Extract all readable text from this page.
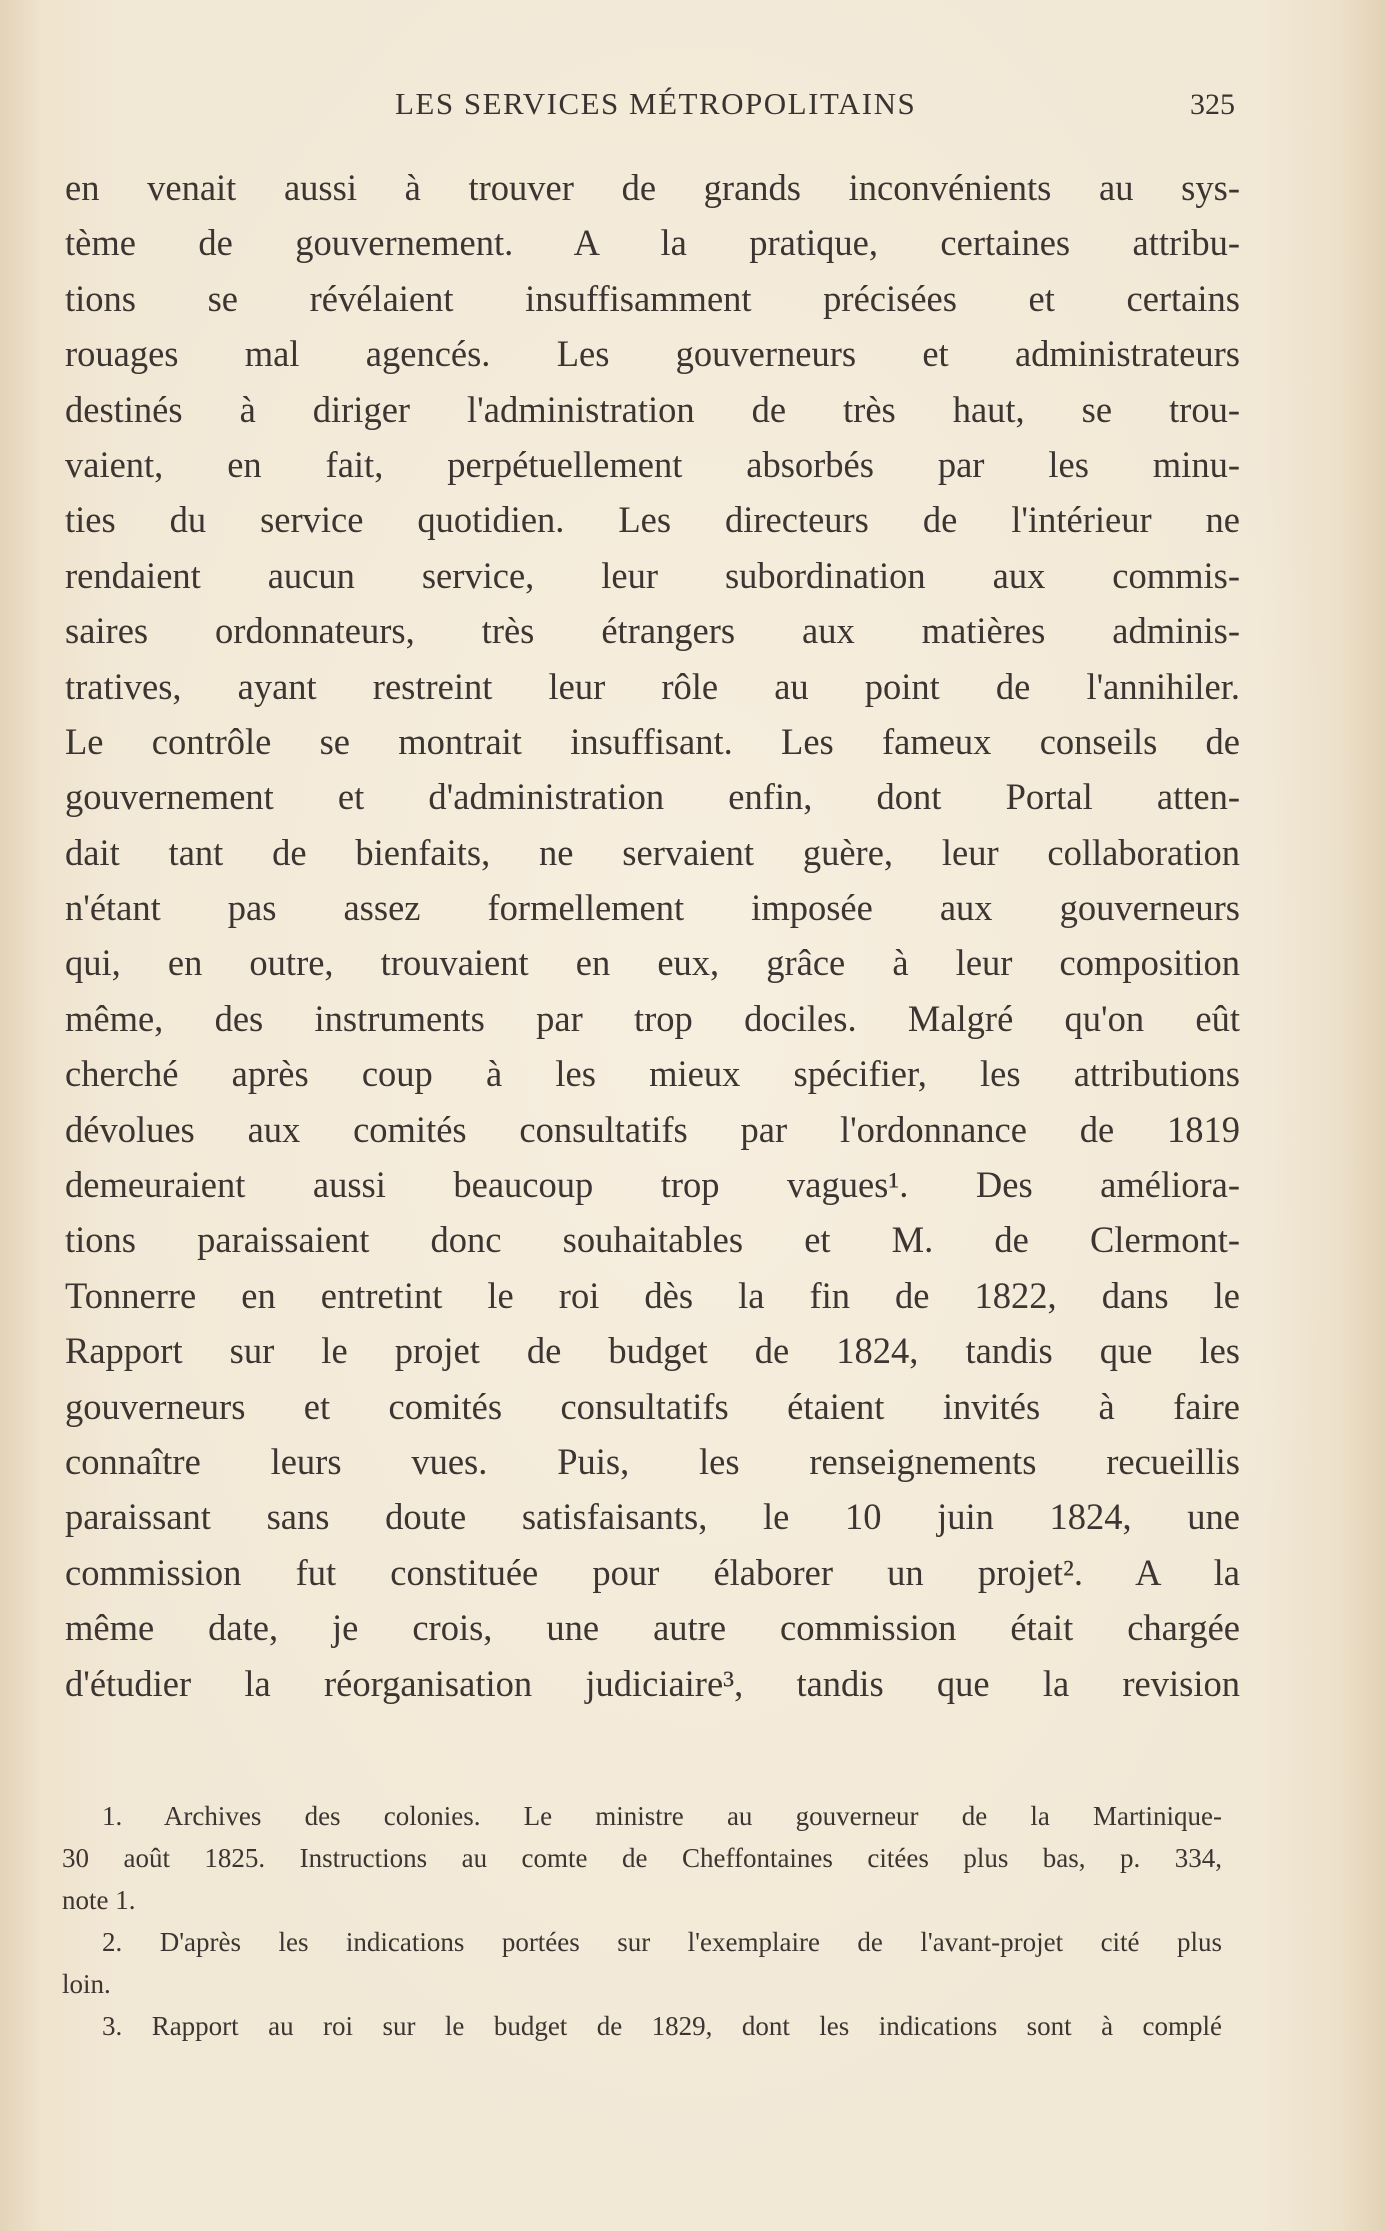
LES SERVICES MÉTROPOLITAINS	325
en venait aussi à trouver de grands inconvénients au sys-
tème de gouvernement. A la pratique, certaines attribu-
tions se révélaient insuffisamment précisées et certains
rouages mal agencés. Les gouverneurs et administrateurs
destinés à diriger l'administration de très haut, se trou-
vaient, en fait, perpétuellement absorbés par les minu-
ties du service quotidien. Les directeurs de l'intérieur ne
rendaient aucun service, leur subordination aux commis-
saires ordonnateurs, très étrangers aux matières adminis-
tratives, ayant restreint leur rôle au point de l'annihiler.
Le contrôle se montrait insuffisant. Les fameux conseils de
gouvernement et d'administration enfin, dont Portal atten-
dait tant de bienfaits, ne servaient guère, leur collaboration
n'étant pas assez formellement imposée aux gouverneurs
qui, en outre, trouvaient en eux, grâce à leur composition
même, des instruments par trop dociles. Malgré qu'on eût
cherché après coup à les mieux spécifier, les attributions
dévolues aux comités consultatifs par l'ordonnance de 1819
demeuraient aussi beaucoup trop vagues¹. Des améliora-
tions paraissaient donc souhaitables et M. de Clermont-
Tonnerre en entretint le roi dès la fin de 1822, dans le
Rapport sur le projet de budget de 1824, tandis que les
gouverneurs et comités consultatifs étaient invités à faire
connaître leurs vues. Puis, les renseignements recueillis
paraissant sans doute satisfaisants, le 10 juin 1824, une
commission fut constituée pour élaborer un projet². A la
même date, je crois, une autre commission était chargée
d'étudier la réorganisation judiciaire³, tandis que la revision
1. Archives des colonies. Le ministre au gouverneur de la Martinique-
30 août 1825. Instructions au comte de Cheffontaines citées plus bas, p. 334,
note 1.
2. D'après les indications portées sur l'exemplaire de l'avant-projet cité plus
loin.
3. Rapport au roi sur le budget de 1829, dont les indications sont à complé
